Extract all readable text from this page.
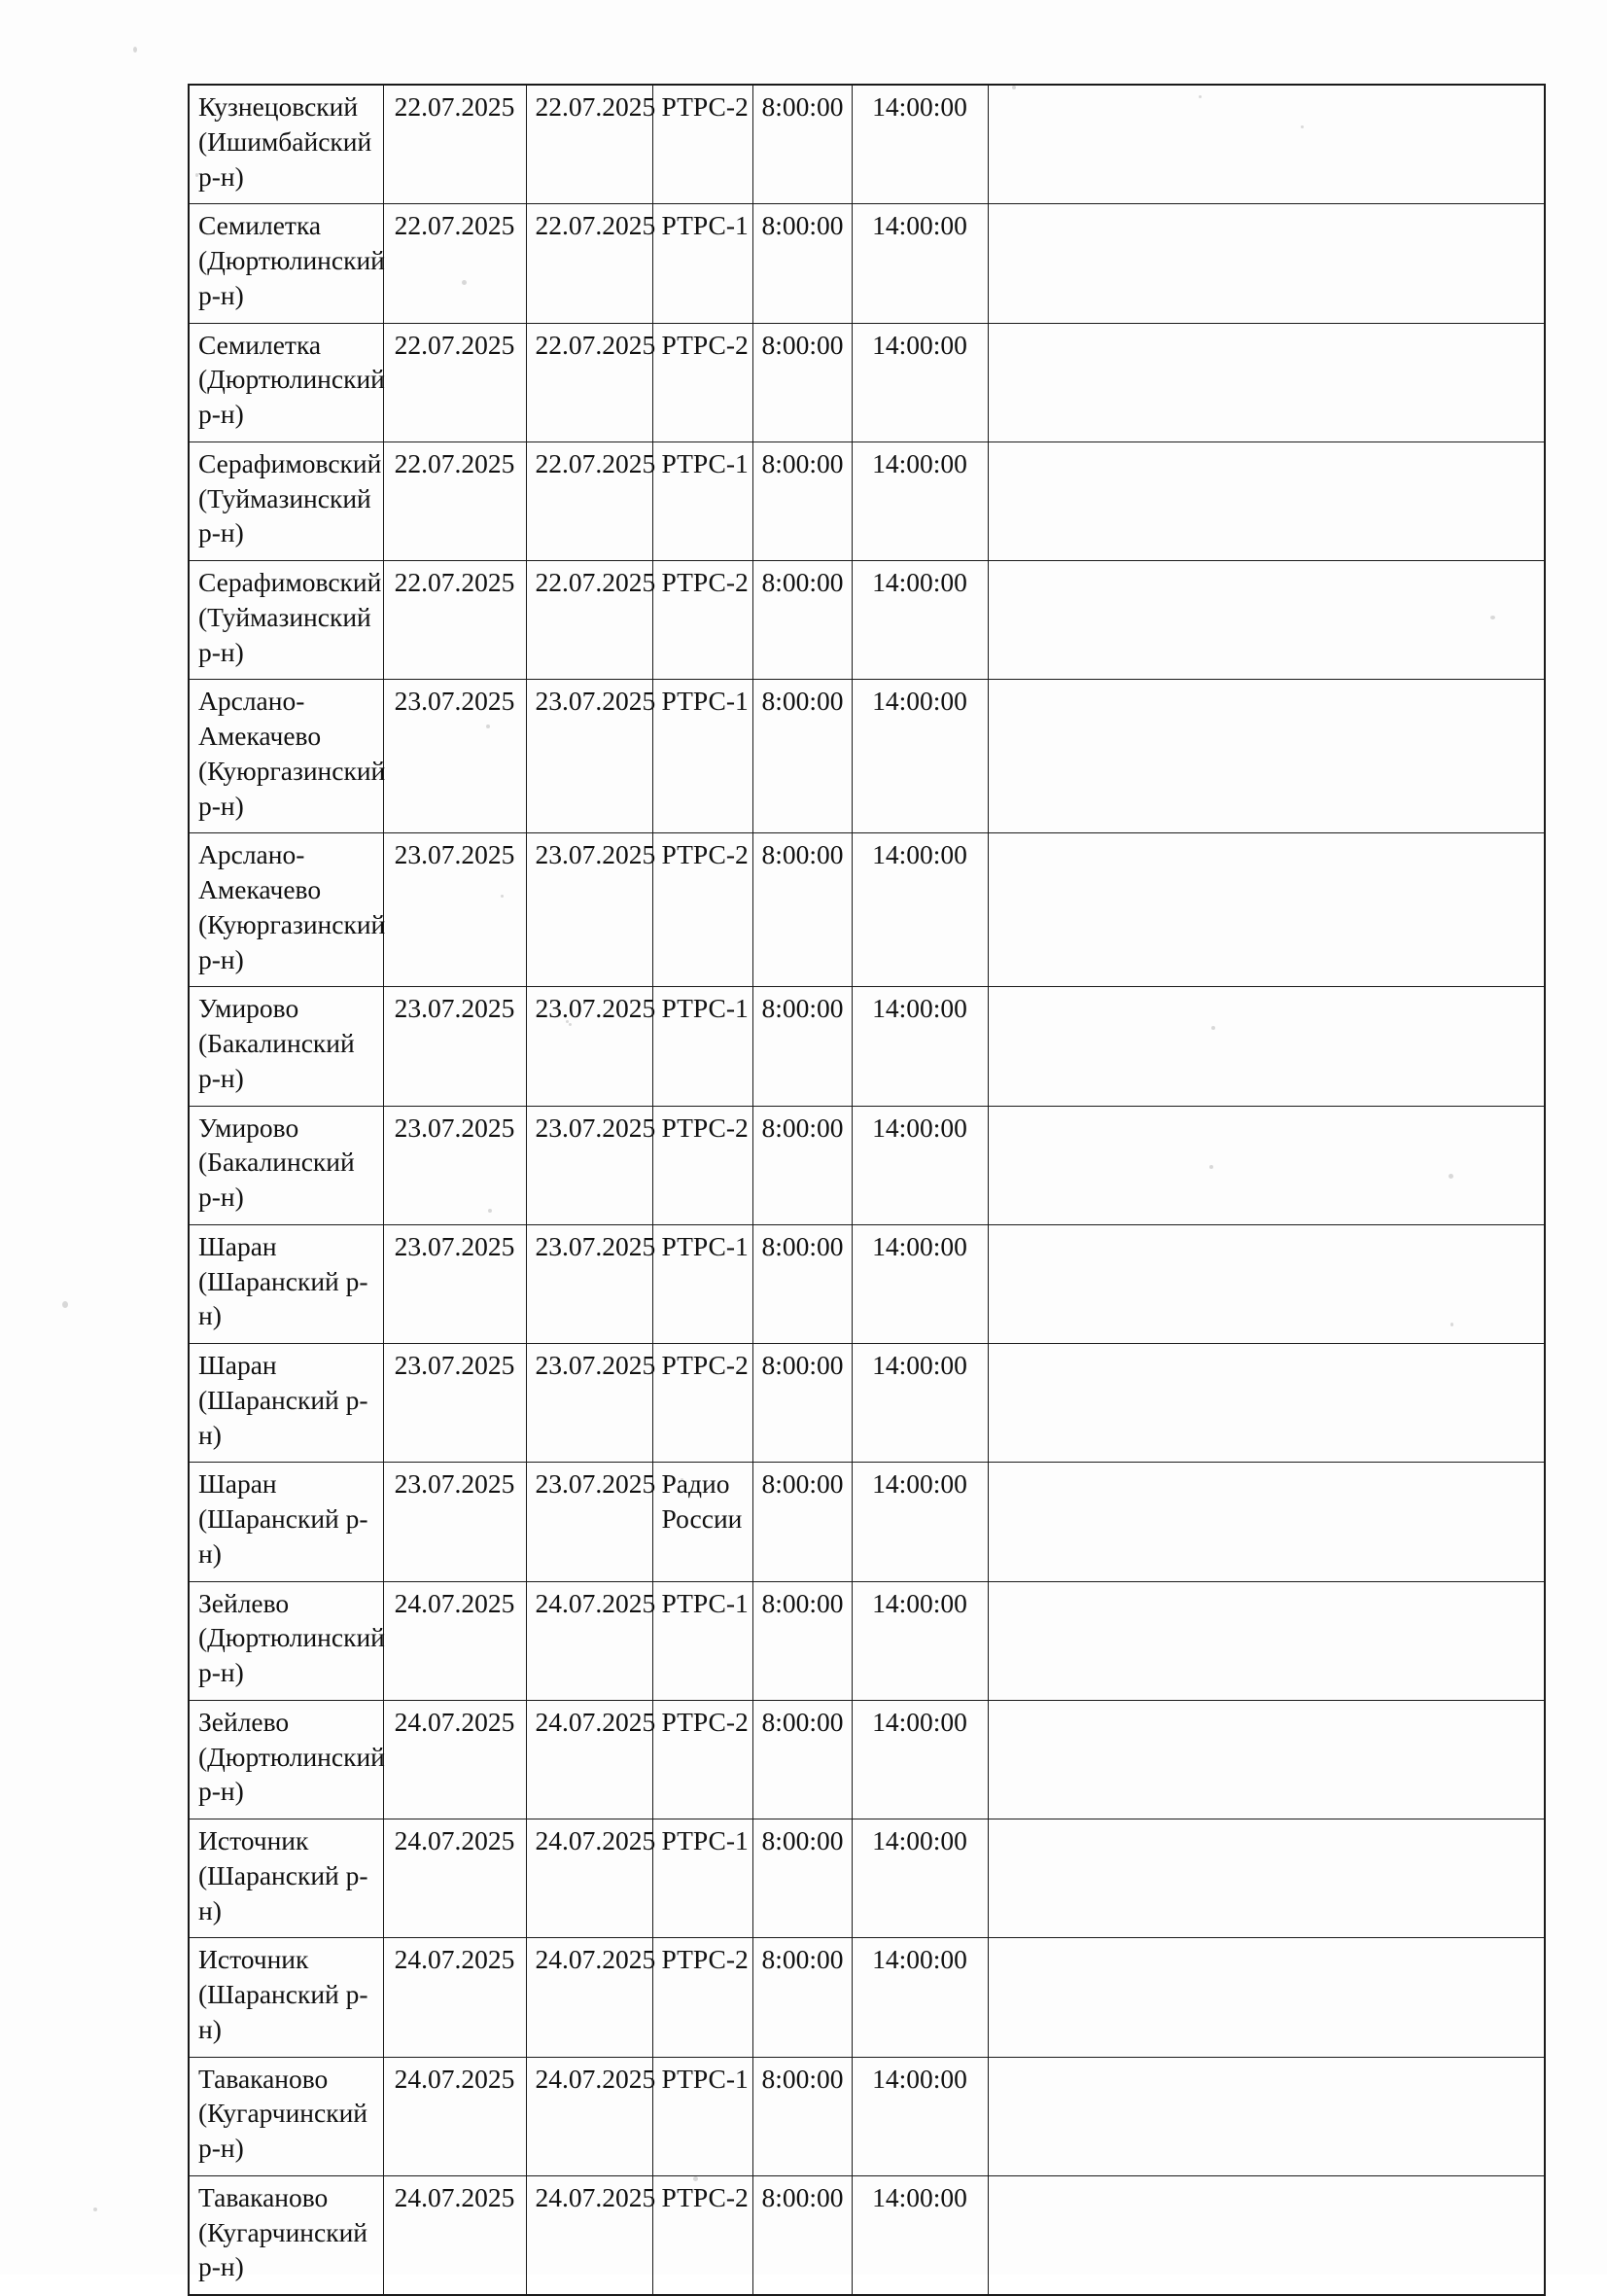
Кузнецовский (Ишимбайский р-н)	22.07.2025	22.07.2025	РТРС-2	8:00:00	14:00:00	
Семилетка (Дюртюлинский р-н)	22.07.2025	22.07.2025	РТРС-1	8:00:00	14:00:00	
Семилетка (Дюртюлинский р-н)	22.07.2025	22.07.2025	РТРС-2	8:00:00	14:00:00	
Серафимовский (Туймазинский р-н)	22.07.2025	22.07.2025	РТРС-1	8:00:00	14:00:00	
Серафимовский (Туймазинский р-н)	22.07.2025	22.07.2025	РТРС-2	8:00:00	14:00:00	
Арслано-Амекачево (Куюргазинский р-н)	23.07.2025	23.07.2025	РТРС-1	8:00:00	14:00:00	
Арслано-Амекачево (Куюргазинский р-н)	23.07.2025	23.07.2025	РТРС-2	8:00:00	14:00:00	
Умирово (Бакалинский р-н)	23.07.2025	23.07.2025	РТРС-1	8:00:00	14:00:00	
Умирово (Бакалинский р-н)	23.07.2025	23.07.2025	РТРС-2	8:00:00	14:00:00	
Шаран (Шаранский р-н)	23.07.2025	23.07.2025	РТРС-1	8:00:00	14:00:00	
Шаран (Шаранский р-н)	23.07.2025	23.07.2025	РТРС-2	8:00:00	14:00:00	
Шаран (Шаранский р-н)	23.07.2025	23.07.2025	Радио России	8:00:00	14:00:00	
Зейлево (Дюртюлинский р-н)	24.07.2025	24.07.2025	РТРС-1	8:00:00	14:00:00	
Зейлево (Дюртюлинский р-н)	24.07.2025	24.07.2025	РТРС-2	8:00:00	14:00:00	
Источник (Шаранский р-н)	24.07.2025	24.07.2025	РТРС-1	8:00:00	14:00:00	
Источник (Шаранский р-н)	24.07.2025	24.07.2025	РТРС-2	8:00:00	14:00:00	
Таваканово (Кугарчинский р-н)	24.07.2025	24.07.2025	РТРС-1	8:00:00	14:00:00	
Таваканово (Кугарчинский р-н)	24.07.2025	24.07.2025	РТРС-2	8:00:00	14:00:00	
